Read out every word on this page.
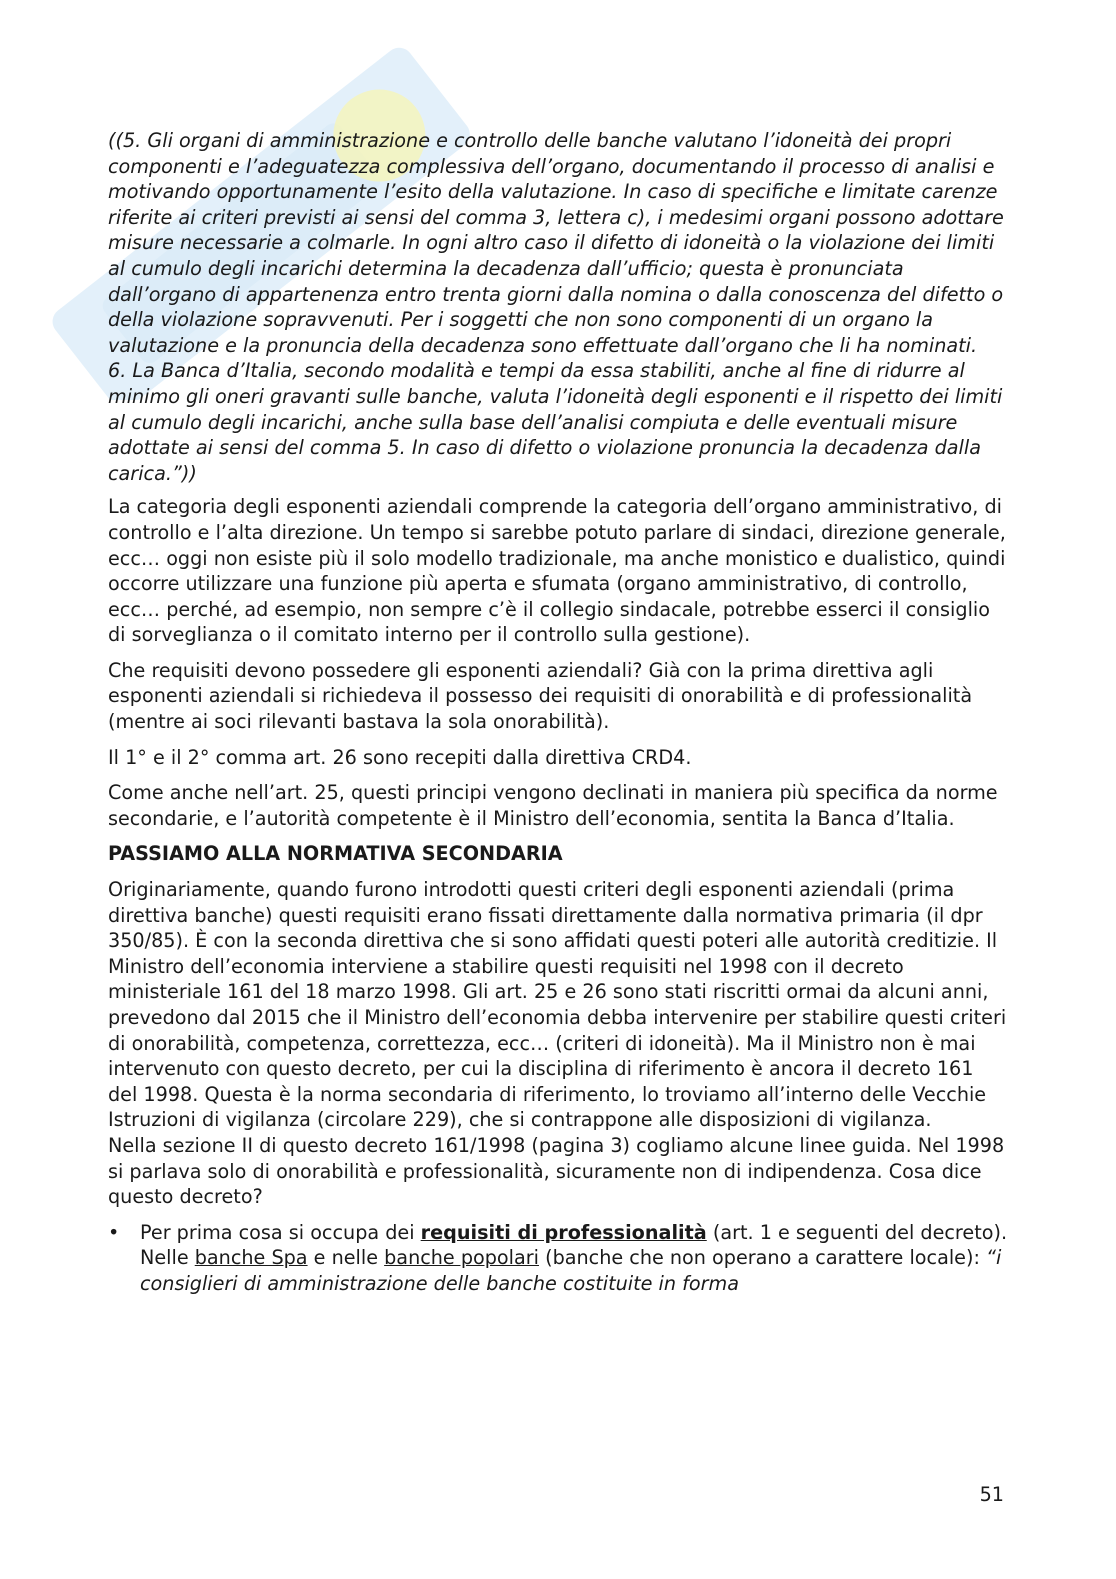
((5. Gli organi di amministrazione e controllo delle banche valutano l’idoneità dei propri componenti e l’adeguatezza complessiva dell’organo, documentando il processo di analisi e motivando opportunamente l’esito della valutazione. In caso di specifiche e limitate carenze riferite ai criteri previsti ai sensi del comma 3, lettera c), i medesimi organi possono adottare misure necessarie a colmarle. In ogni altro caso il difetto di idoneità o la violazione dei limiti al cumulo degli incarichi determina la decadenza dall’ufficio; questa è pronunciata dall’organo di appartenenza entro trenta giorni dalla nomina o dalla conoscenza del difetto o della violazione sopravvenuti. Per i soggetti che non sono componenti di un organo la valutazione e la pronuncia della decadenza sono effettuate dall’organo che li ha nominati.

6. La Banca d’Italia, secondo modalità e tempi da essa stabiliti, anche al fine di ridurre al minimo gli oneri gravanti sulle banche, valuta l’idoneità degli esponenti e il rispetto dei limiti al cumulo degli incarichi, anche sulla base dell’analisi compiuta e delle eventuali misure adottate ai sensi del comma 5. In caso di difetto o violazione pronuncia la decadenza dalla carica.”))

La categoria degli esponenti aziendali comprende la categoria dell’organo amministrativo, di controllo e l’alta direzione. Un tempo si sarebbe potuto parlare di sindaci, direzione generale, ecc… oggi non esiste più il solo modello tradizionale, ma anche monistico e dualistico, quindi occorre utilizzare una funzione più aperta e sfumata (organo amministrativo, di controllo, ecc… perché, ad esempio, non sempre c’è il collegio sindacale, potrebbe esserci il consiglio di sorveglianza o il comitato interno per il controllo sulla gestione).

Che requisiti devono possedere gli esponenti aziendali? Già con la prima direttiva agli esponenti aziendali si richiedeva il possesso dei requisiti di onorabilità e di professionalità (mentre ai soci rilevanti bastava la sola onorabilità).

Il 1° e il 2° comma art. 26 sono recepiti dalla direttiva CRD4.

Come anche nell’art. 25, questi principi vengono declinati in maniera più specifica da norme secondarie, e l’autorità competente è il Ministro dell’economia, sentita la Banca d’Italia.

PASSIAMO ALLA NORMATIVA SECONDARIA

Originariamente, quando furono introdotti questi criteri degli esponenti aziendali (prima direttiva banche) questi requisiti erano fissati direttamente dalla normativa primaria (il dpr 350/85). È con la seconda direttiva che si sono affidati questi poteri alle autorità creditizie. Il Ministro dell’economia interviene a stabilire questi requisiti nel 1998 con il decreto ministeriale 161 del 18 marzo 1998. Gli art. 25 e 26 sono stati riscritti ormai da alcuni anni, prevedono dal 2015 che il Ministro dell’economia debba intervenire per stabilire questi criteri di onorabilità, competenza, correttezza, ecc… (criteri di idoneità). Ma il Ministro non è mai intervenuto con questo decreto, per cui la disciplina di riferimento è ancora il decreto 161 del 1998. Questa è la norma secondaria di riferimento, lo troviamo all’interno delle Vecchie Istruzioni di vigilanza (circolare 229), che si contrappone alle disposizioni di vigilanza.

Nella sezione II di questo decreto 161/1998 (pagina 3) cogliamo alcune linee guida. Nel 1998 si parlava solo di onorabilità e professionalità, sicuramente non di indipendenza. Cosa dice questo decreto?

• Per prima cosa si occupa dei requisiti di professionalità (art. 1 e seguenti del decreto). Nelle banche Spa e nelle banche popolari (banche che non operano a carattere locale): “i consiglieri di amministrazione delle banche costituite in forma
51
